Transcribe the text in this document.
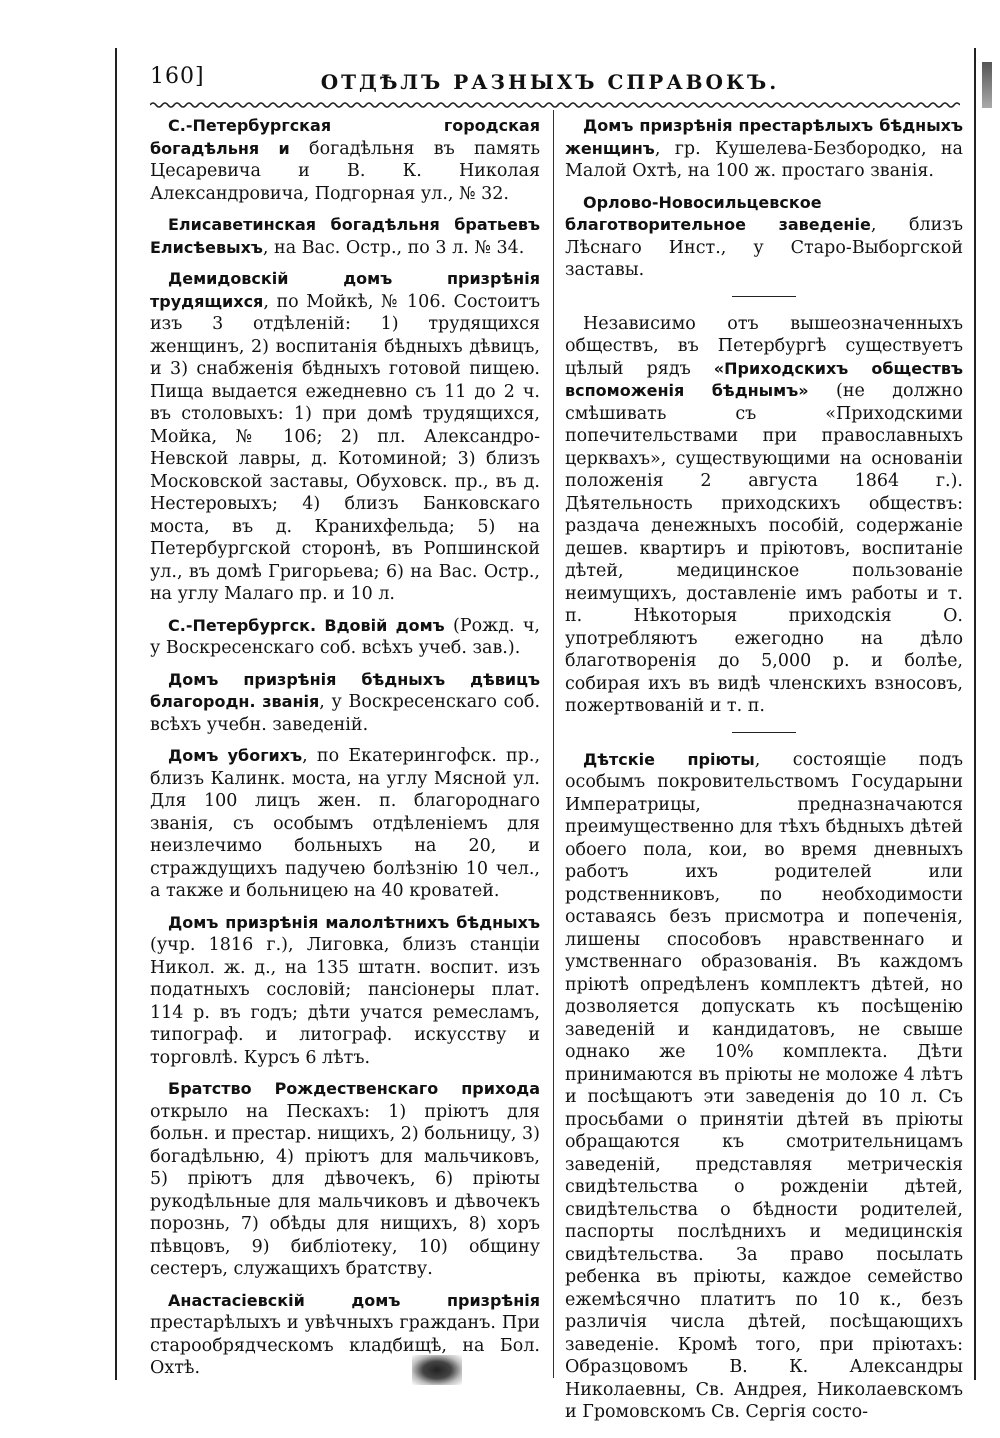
160]	ОТДѢЛЪ РАЗНЫХЪ СПРАВОКЪ.

С.-Петербургская городская богадѣльня и богадѣльня въ память Цесаревича и В. К. Николая Александровича, Подгорная ул., № 32.

Елисаветинская богадѣльня братьевъ Елисѣевыхъ, на Вас. Остр., по 3 л. № 34.

Демидовскій домъ призрѣнія трудящихся, по Мойкѣ, № 106. Состоитъ изъ 3 отдѣленій: 1) трудящихся женщинъ, 2) воспитанія бѣдныхъ дѣвицъ, и 3) снабженія бѣдныхъ готовой пищею. Пища выдается ежедневно съ 11 до 2 ч. въ столовыхъ: 1) при домѣ трудящихся, Мойка, № 106; 2) пл. Александро-Невской лавры, д. Котоминой; 3) близъ Московской заставы, Обуховск. пр., въ д. Нестеровыхъ; 4) близъ Банковскаго моста, въ д. Краниxфельда; 5) на Петербургской сторонѣ, въ Ропшинской ул., въ домѣ Григорьева; 6) на Вас. Остр., на углу Малаго пр. и 10 л.

С.-Петербургск. Вдовій домъ (Рожд. ч, у Воскресенскаго соб. всѣхъ учеб. зав.).

Домъ призрѣнія бѣдныхъ дѣвицъ благородн. званія, у Воскресенскаго соб. всѣхъ учебн. заведеній.

Домъ убогихъ, по Екатерингофск. пр., близъ Калинк. моста, на углу Мясной ул. Для 100 лицъ жен. п. благороднаго званія, съ особымъ отдѣленіемъ для неизлечимо больныхъ на 20, и страждущихъ падучею болѣзнію 10 чел., а также и больницею на 40 кроватей.

Домъ призрѣнія малолѣтнихъ бѣдныхъ (учр. 1816 г.), Лиговка, близъ станціи Никол. ж. д., на 135 штатн. воспит. изъ податныхъ сословій; пансіонеры плат. 114 р. въ годъ; дѣти учатся ремесламъ, типограф. и литограф. искусству и торговлѣ. Курсъ 6 лѣтъ.

Братство Рождественскаго прихода открыло на Пескахъ: 1) пріютъ для больн. и престар. нищихъ, 2) больницу, 3) богадѣльню, 4) пріютъ для мальчиковъ, 5) пріютъ для дѣвочекъ, 6) пріюты рукодѣльные для мальчиковъ и дѣвочекъ порознь, 7) обѣды для нищихъ, 8) хоръ пѣвцовъ, 9) библіотеку, 10) общину сестеръ, служащихъ братству.

Анастасіевскій домъ призрѣнія престарѣлыхъ и увѣчныхъ гражданъ. При старообрядческомъ кладбищѣ, на Бол. Охтѣ.

Домъ призрѣнія престарѣлыхъ бѣдныхъ женщинъ, гр. Кушелева-Безбородко, на Малой Охтѣ, на 100 ж. простаго званія.

Орлово-Новосильцевское благотворительное заведеніе, близъ Лѣснаго Инст., у Старо-Выборгской заставы.

Независимо отъ вышеозначенныхъ обществъ, въ Петербургѣ существуетъ цѣлый рядъ «Приходскихъ обществъ вспоможенія бѣднымъ» (не должно смѣшивать съ «Приходскими попечительствами при православныхъ церквахъ», существующими на основаніи положенія 2 августа 1864 г.). Дѣятельность приходскихъ обществъ: раздача денежныхъ пособій, содержаніе дешев. квартиръ и пріютовъ, воспитаніе дѣтей, медицинское пользованіе неимущихъ, доставленіе имъ работы и т. п. Нѣкоторыя приходскія О. употребляютъ ежегодно на дѣло благотворенія до 5,000 р. и болѣе, собирая ихъ въ видѣ членскихъ взносовъ, пожертвованій и т. п.

Дѣтскіе пріюты, состоящіе подъ особымъ покровительствомъ Государыни Императрицы, предназначаются преимущественно для тѣхъ бѣдныхъ дѣтей обоего пола, кои, во время дневныхъ работъ ихъ родителей или родственниковъ, по необходимости оставаясь безъ присмотра и попеченія, лишены способовъ нравственнаго и умственнаго образованія. Въ каждомъ пріютѣ опредѣленъ комплектъ дѣтей, но дозволяется допускать къ посѣщенію заведеній и кандидатовъ, не свыше однако же 10% комплекта. Дѣти принимаются въ пріюты не моложе 4 лѣтъ и посѣщаютъ эти заведенія до 10 л. Съ просьбами о принятіи дѣтей въ пріюты обращаются къ смотрительницамъ заведеній, представляя метрическія свидѣтельства о рожденіи дѣтей, свидѣтельства о бѣдности родителей, паспорты послѣднихъ и медицинскія свидѣтельства. За право посылать ребенка въ пріюты, каждое семейство ежемѣсячно платитъ по 10 к., безъ различія числа дѣтей, посѣщающихъ заведеніе. Кромѣ того, при пріютахъ: Образцовомъ В. К. Александры Николаевны, Св. Андрея, Николаевскомъ и Громовскомъ Св. Сергія состо-
